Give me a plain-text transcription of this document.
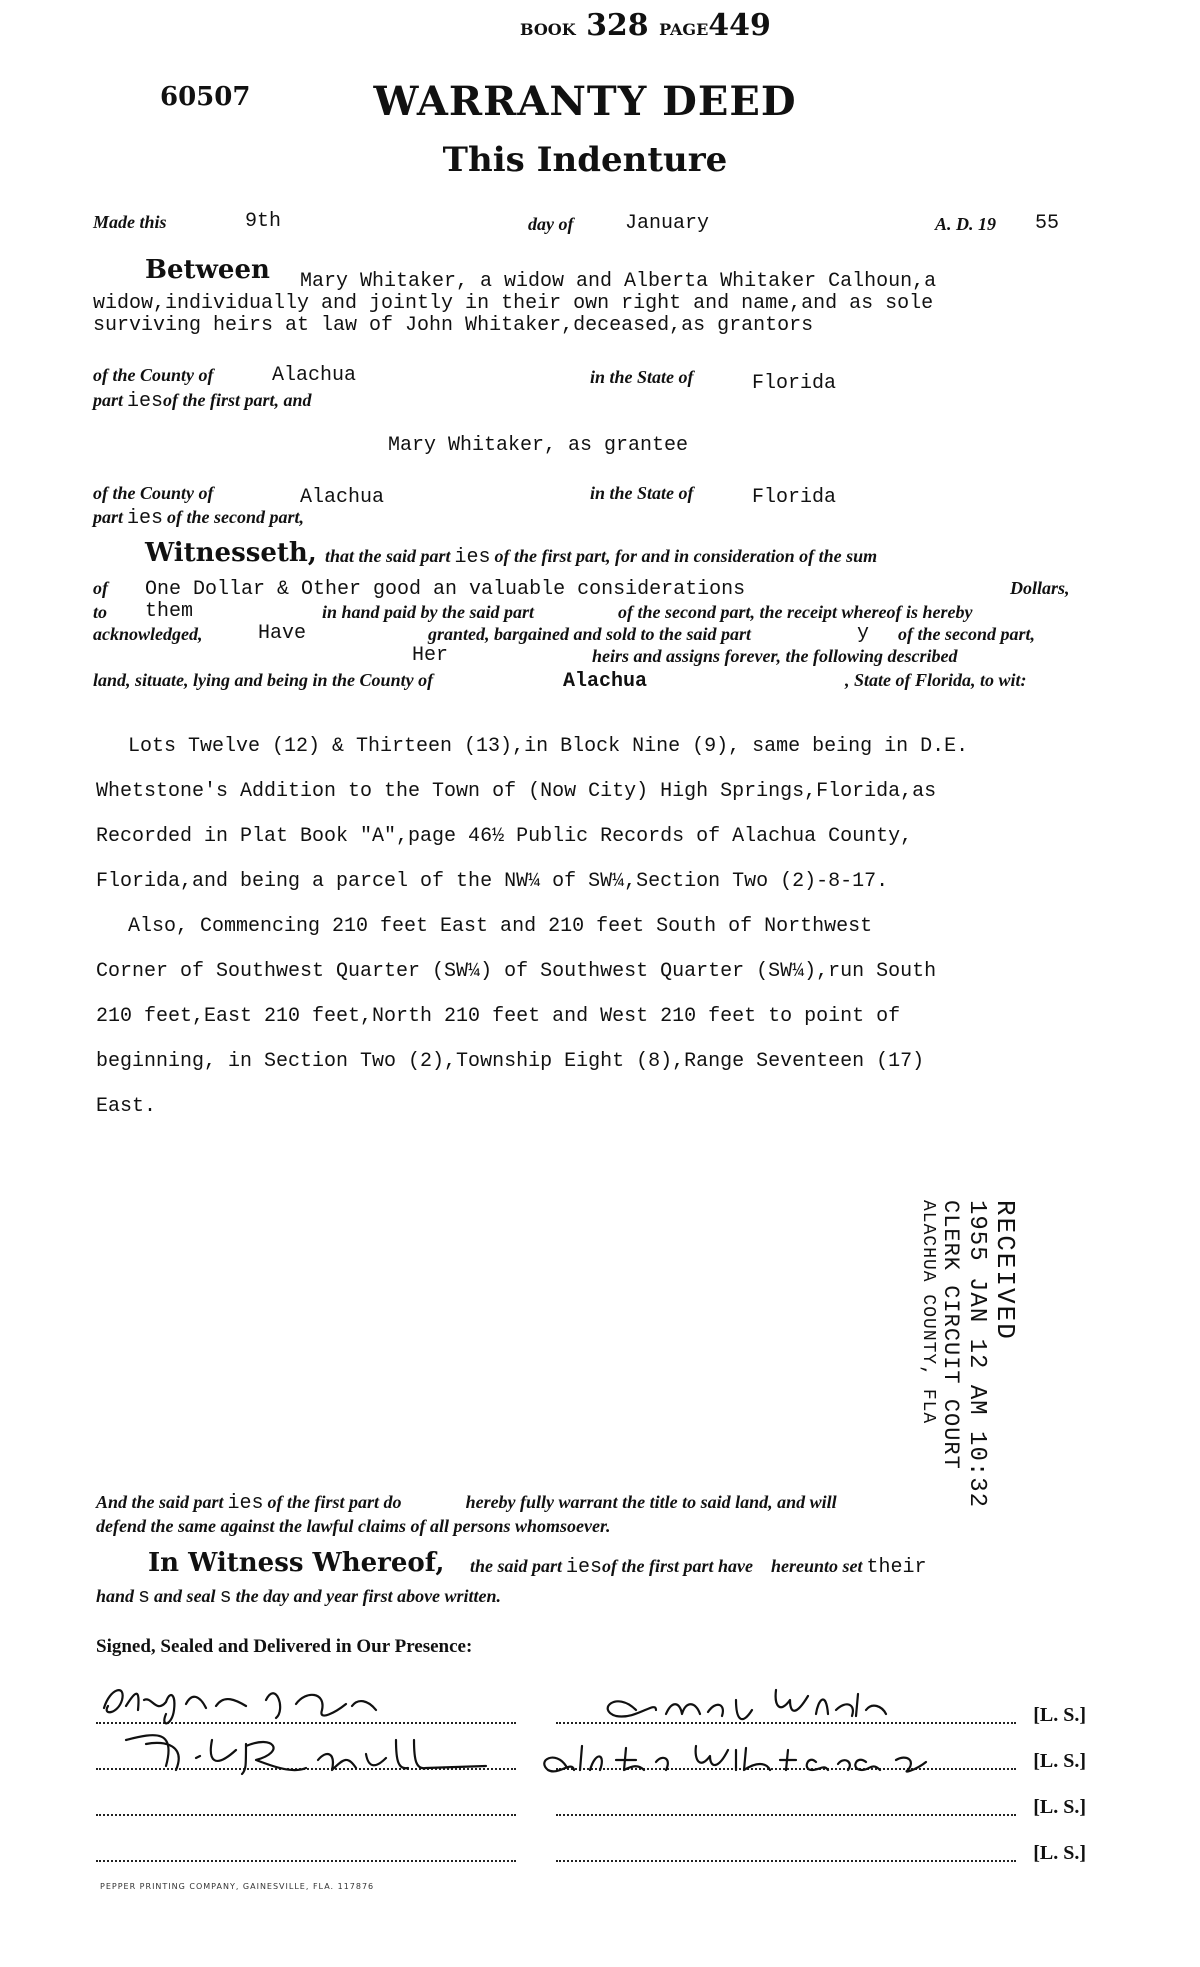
BOOK 328 PAGE449
60507	WARRANTY DEED
This Indenture
Made this	9th	day of	January	A. D. 19 55
Between Mary Whitaker, a widow and Alberta Whitaker Calhoun,a
widow,individually and jointly in their own right and name,and as sole
surviving heirs at law of John Whitaker,deceased,as grantors
of the County of	Alachua	in the State of	Florida
part iesof the first part, and
Mary Whitaker, as grantee
of the County of	Alachua	in the State of	Florida
part ies of the second part,
Witnesseth, that the said part ies of the first part, for and in consideration of the sum
of One Dollar & Other good an valuable considerations	Dollars,
to them	in hand paid by the said part	of the second part, the receipt whereof is hereby
acknowledged,	Have	granted, bargained and sold to the said part	y of the second part,
Her	heirs and assigns forever, the following described
land, situate, lying and being in the County of	Alachua	, State of Florida, to wit:
Lots Twelve (12) & Thirteen (13),in Block Nine (9), same being in D.E.
Whetstone's Addition to the Town of (Now City) High Springs,Florida,as
Recorded in Plat Book "A",page 46½ Public Records of Alachua County,
Florida,and being a parcel of the NW¼ of SW¼,Section Two (2)-8-17.
Also, Commencing 210 feet East and 210 feet South of Northwest
Corner of Southwest Quarter (SW¼) of Southwest Quarter (SW¼),run South
210 feet,East 210 feet,North 210 feet and West 210 feet to point of
beginning, in Section Two (2),Township Eight (8),Range Seventeen (17)
East.
RECEIVED
1955 JAN 12 AM 10:32
CLERK CIRCUIT COURT
ALACHUA COUNTY, FLA
And the said part ies of the first part do	hereby fully warrant the title to said land, and will
defend the same against the lawful claims of all persons whomsoever.
In Witness Whereof, the said part iesof the first part have hereunto set their
hand s and seal s the day and year first above written.
Signed, Sealed and Delivered in Our Presence:
[L. S.]
[L. S.]
[L. S.]
[L. S.]
PEPPER PRINTING COMPANY, GAINESVILLE, FLA. 117876
